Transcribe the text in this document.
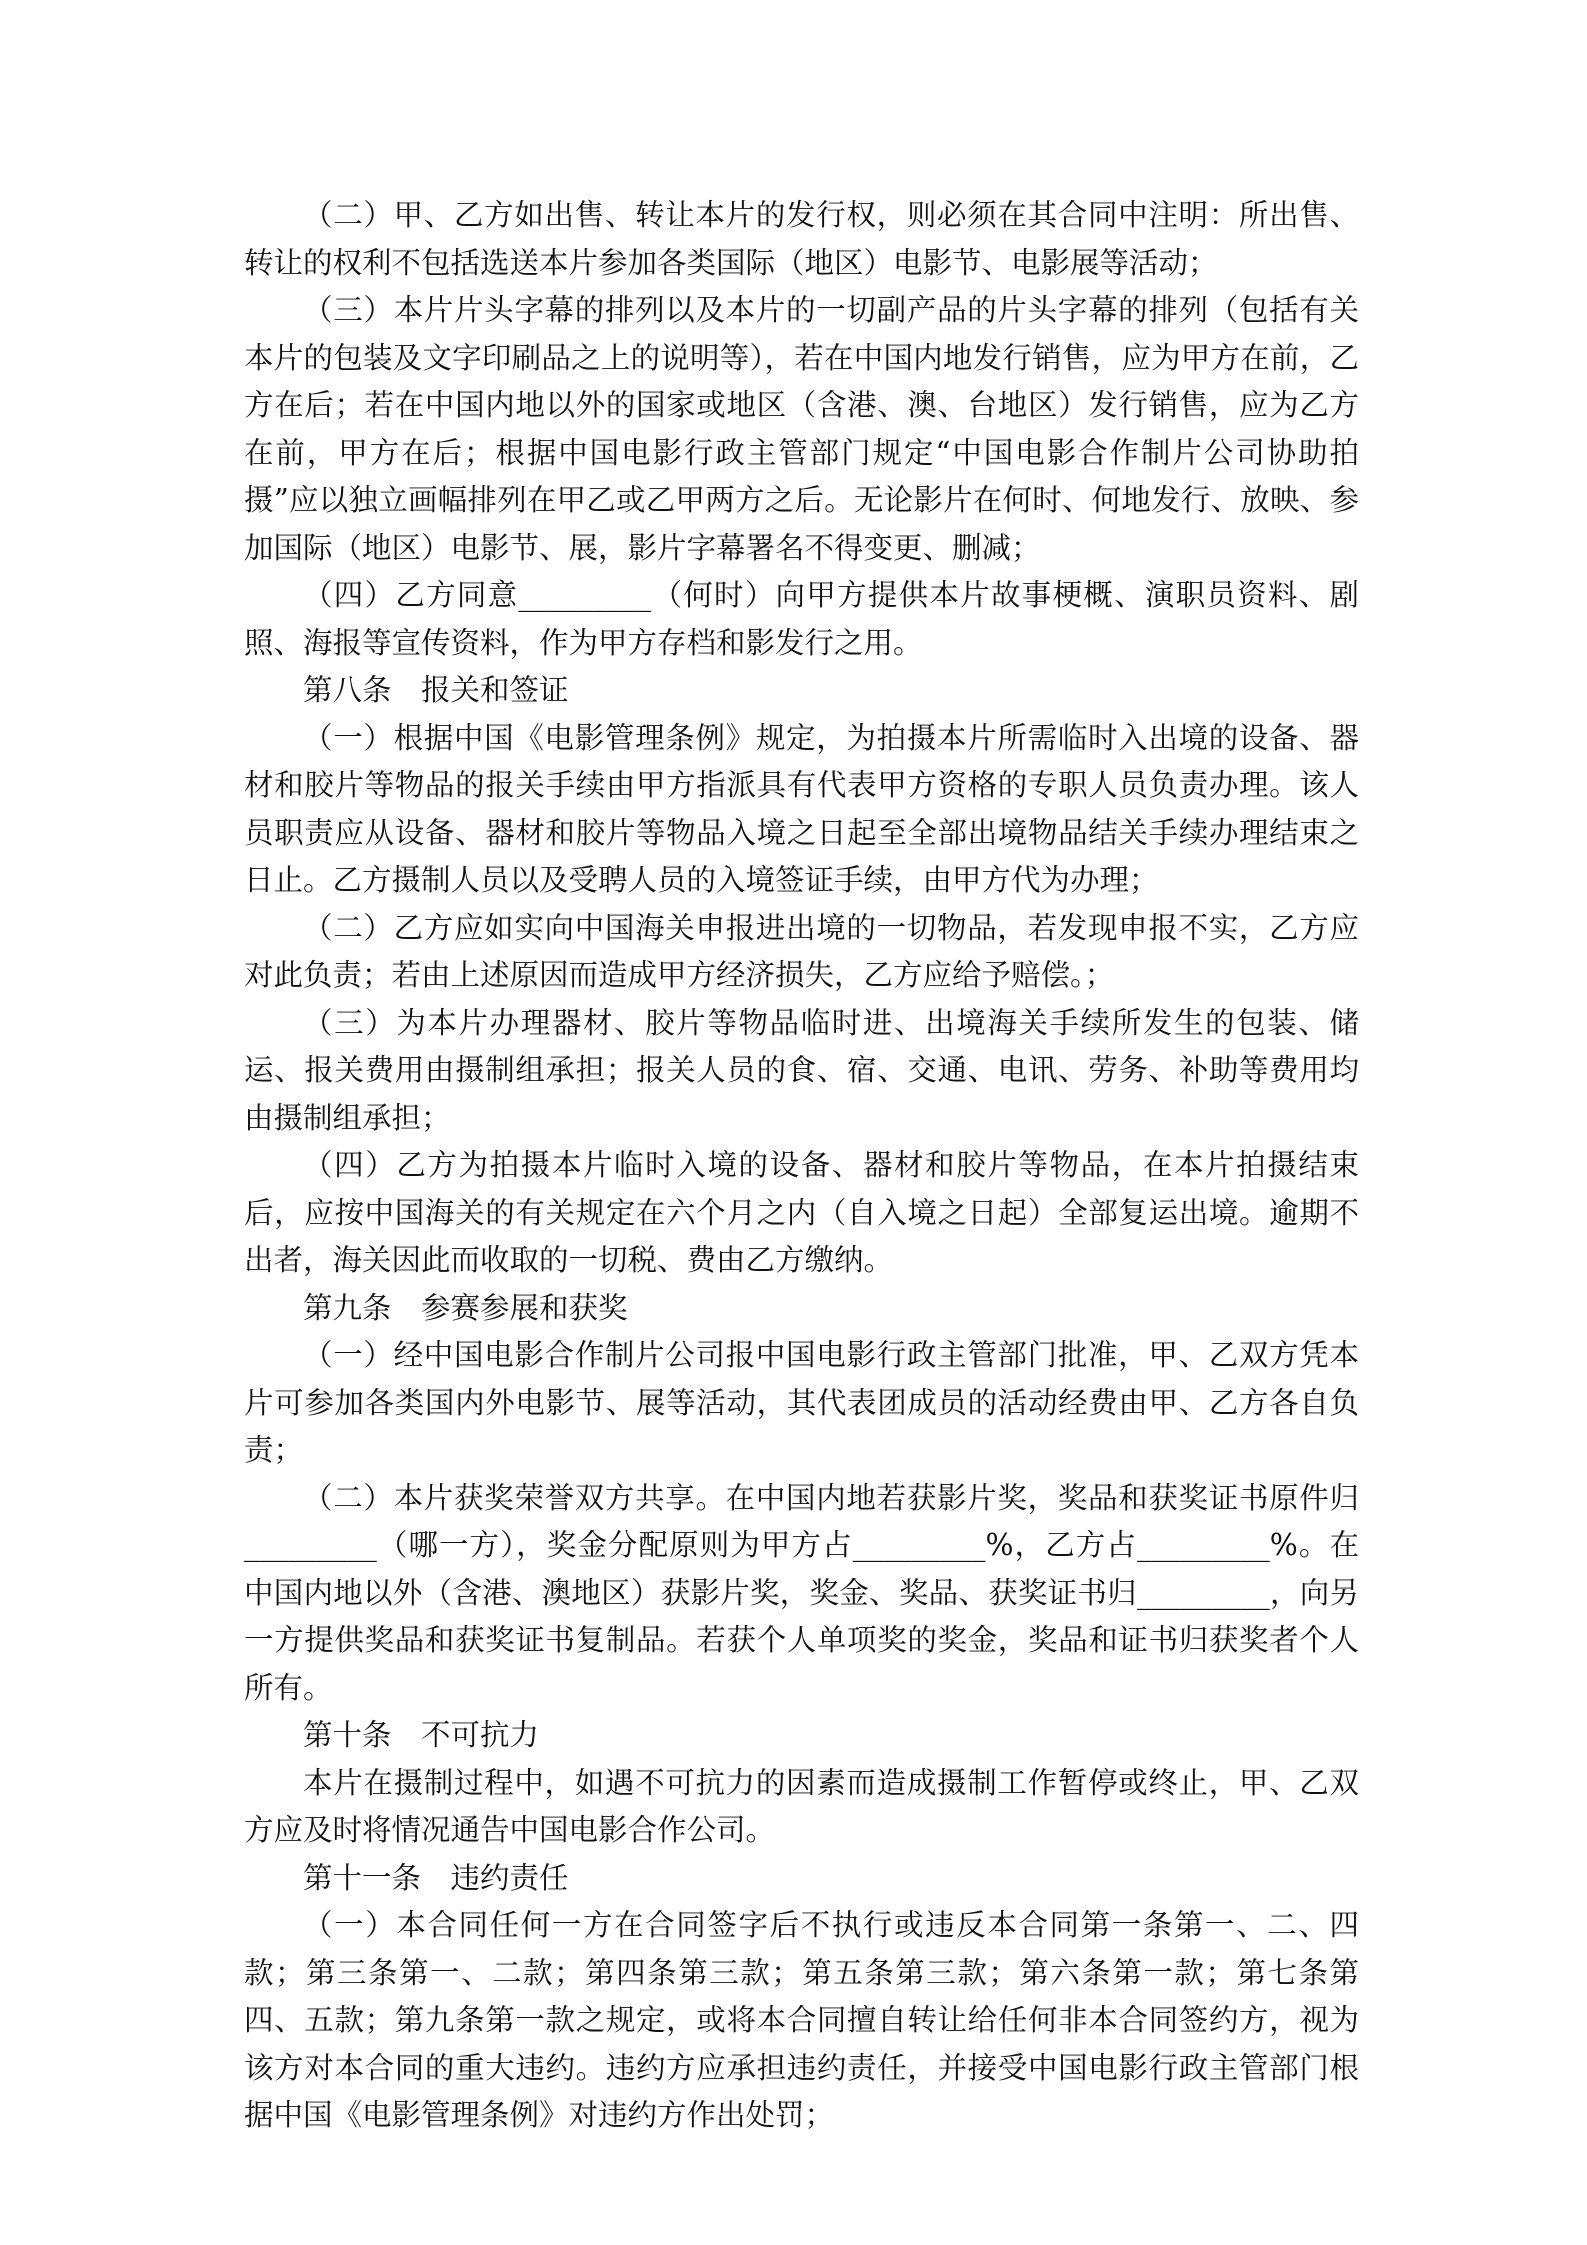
（二）甲、乙方如出售、转让本片的发行权，则必须在其合同中注明：所出售、转让的权利不包括选送本片参加各类国际（地区）电影节、电影展等活动；

（三）本片片头字幕的排列以及本片的一切副产品的片头字幕的排列（包括有关本片的包装及文字印刷品之上的说明等），若在中国内地发行销售，应为甲方在前，乙方在后；若在中国内地以外的国家或地区（含港、澳、台地区）发行销售，应为乙方在前，甲方在后；根据中国电影行政主管部门规定“中国电影合作制片公司协助拍摄”应以独立画幅排列在甲乙或乙甲两方之后。无论影片在何时、何地发行、放映、参加国际（地区）电影节、展，影片字幕署名不得变更、删减；

（四）乙方同意_________（何时）向甲方提供本片故事梗概、演职员资料、剧照、海报等宣传资料，作为甲方存档和影发行之用。

第八条　报关和签证

（一）根据中国《电影管理条例》规定，为拍摄本片所需临时入出境的设备、器材和胶片等物品的报关手续由甲方指派具有代表甲方资格的专职人员负责办理。该人员职责应从设备、器材和胶片等物品入境之日起至全部出境物品结关手续办理结束之日止。乙方摄制人员以及受聘人员的入境签证手续，由甲方代为办理；

（二）乙方应如实向中国海关申报进出境的一切物品，若发现申报不实，乙方应对此负责；若由上述原因而造成甲方经济损失，乙方应给予赔偿。；

（三）为本片办理器材、胶片等物品临时进、出境海关手续所发生的包装、储运、报关费用由摄制组承担；报关人员的食、宿、交通、电讯、劳务、补助等费用均由摄制组承担；

（四）乙方为拍摄本片临时入境的设备、器材和胶片等物品，在本片拍摄结束后，应按中国海关的有关规定在六个月之内（自入境之日起）全部复运出境。逾期不出者，海关因此而收取的一切税、费由乙方缴纳。

第九条　参赛参展和获奖

（一）经中国电影合作制片公司报中国电影行政主管部门批准，甲、乙双方凭本片可参加各类国内外电影节、展等活动，其代表团成员的活动经费由甲、乙方各自负责；

（二）本片获奖荣誉双方共享。在中国内地若获影片奖，奖品和获奖证书原件归_________（哪一方），奖金分配原则为甲方占_________%，乙方占_________%。在中国内地以外（含港、澳地区）获影片奖，奖金、奖品、获奖证书归_________，向另一方提供奖品和获奖证书复制品。若获个人单项奖的奖金，奖品和证书归获奖者个人所有。

第十条　不可抗力

本片在摄制过程中，如遇不可抗力的因素而造成摄制工作暂停或终止，甲、乙双方应及时将情况通告中国电影合作公司。

第十一条　违约责任

（一）本合同任何一方在合同签字后不执行或违反本合同第一条第一、二、四款；第三条第一、二款；第四条第三款；第五条第三款；第六条第一款；第七条第四、五款；第九条第一款之规定，或将本合同擅自转让给任何非本合同签约方，视为该方对本合同的重大违约。违约方应承担违约责任，并接受中国电影行政主管部门根据中国《电影管理条例》对违约方作出处罚；
